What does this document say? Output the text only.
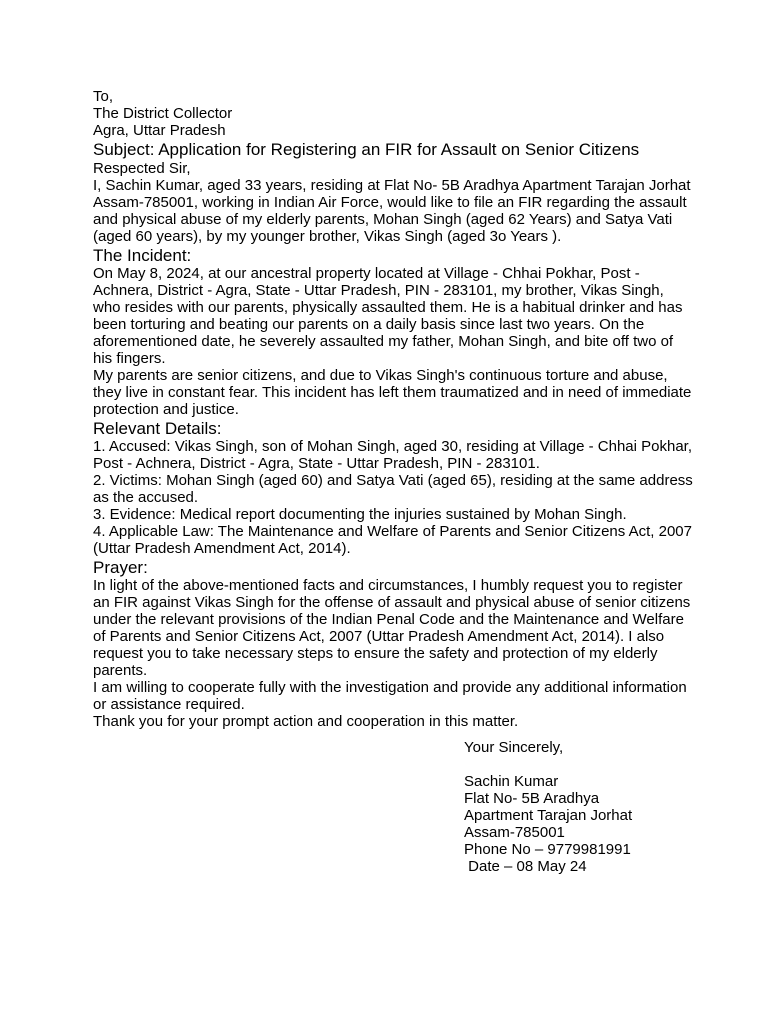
To,
The District Collector
Agra, Uttar Pradesh
Subject: Application for Registering an FIR for Assault on Senior Citizens
Respected Sir,
I, Sachin Kumar, aged 33 years, residing at Flat No- 5B Aradhya Apartment Tarajan Jorhat Assam-785001, working in Indian Air Force, would like to file an FIR regarding the assault and physical abuse of my elderly parents, Mohan Singh (aged 62 Years) and Satya Vati (aged 60 years), by my younger brother, Vikas Singh (aged 3o Years ).
The Incident:
On May 8, 2024, at our ancestral property located at Village - Chhai Pokhar, Post - Achnera, District - Agra, State - Uttar Pradesh, PIN - 283101, my brother, Vikas Singh, who resides with our parents, physically assaulted them. He is a habitual drinker and has been torturing and beating our parents on a daily basis since last two years. On the aforementioned date, he severely assaulted my father, Mohan Singh, and bite off two of his fingers.
My parents are senior citizens, and due to Vikas Singh's continuous torture and abuse, they live in constant fear. This incident has left them traumatized and in need of immediate protection and justice.
Relevant Details:
1. Accused: Vikas Singh, son of Mohan Singh, aged 30, residing at Village - Chhai Pokhar, Post - Achnera, District - Agra, State - Uttar Pradesh, PIN - 283101.
2. Victims: Mohan Singh (aged 60) and Satya Vati (aged 65), residing at the same address as the accused.
3. Evidence: Medical report documenting the injuries sustained by Mohan Singh.
4. Applicable Law: The Maintenance and Welfare of Parents and Senior Citizens Act, 2007 (Uttar Pradesh Amendment Act, 2014).
Prayer:
In light of the above-mentioned facts and circumstances, I humbly request you to register an FIR against Vikas Singh for the offense of assault and physical abuse of senior citizens under the relevant provisions of the Indian Penal Code and the Maintenance and Welfare of Parents and Senior Citizens Act, 2007 (Uttar Pradesh Amendment Act, 2014). I also request you to take necessary steps to ensure the safety and protection of my elderly parents.
I am willing to cooperate fully with the investigation and provide any additional information or assistance required.
Thank you for your prompt action and cooperation in this matter.
Your Sincerely,
Sachin Kumar
Flat No- 5B Aradhya
Apartment Tarajan Jorhat
Assam-785001
Phone No – 9779981991
Date – 08 May 24
